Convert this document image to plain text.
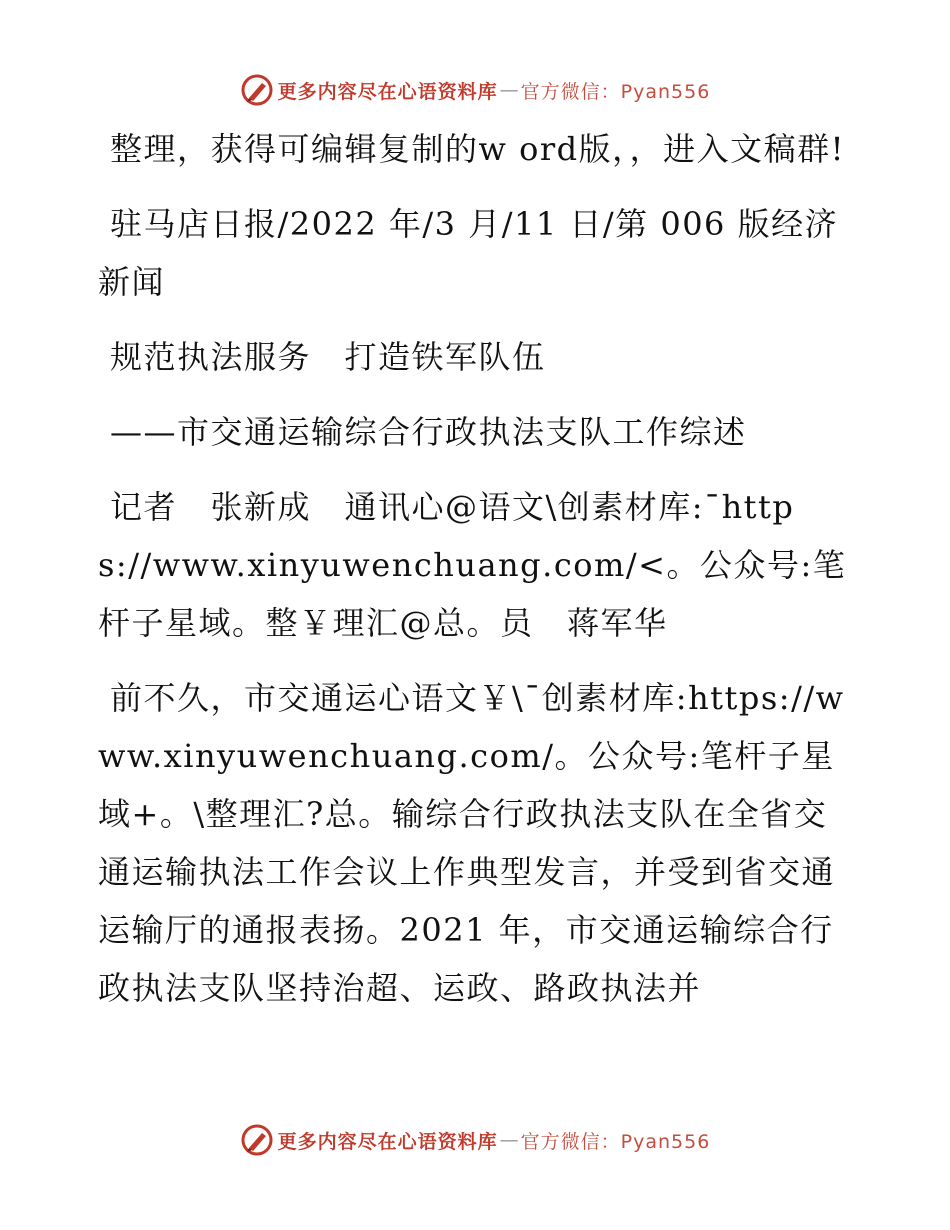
更多内容尽在心语资料库 — 官方微信：Pyan556

整理，获得可编辑复制的w ord版，，进入文稿群!

驻马店日报/2022 年/3 月/11 日/第 006 版经济新闻

规范执法服务　打造铁军队伍

——市交通运输综合行政执法支队工作综述

记者　张新成　通讯心@语文\创素材库:¯https://www.xinyuwenchuang.com/<。公众号:笔杆子星域。整￥理汇@总。员　蒋军华

前不久，市交通运心语文￥\¯创素材库:https://www.xinyuwenchuang.com/。公众号:笔杆子星域+。\整理汇?总。输综合行政执法支队在全省交通运输执法工作会议上作典型发言，并受到省交通运输厅的通报表扬。2021 年，市交通运输综合行政执法支队坚持治超、运政、路政执法并

更多内容尽在心语资料库 — 官方微信：Pyan556
